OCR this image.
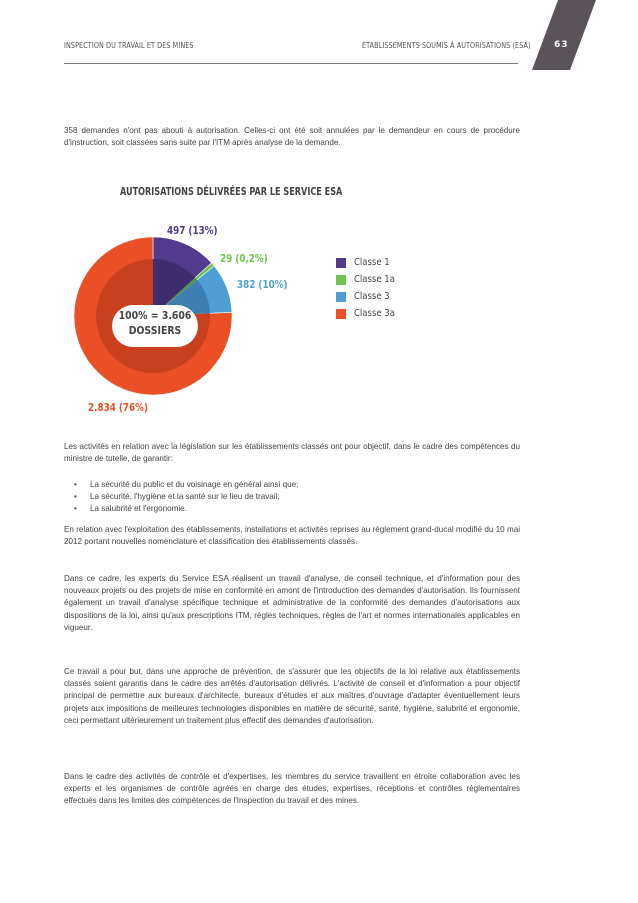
INSPECTION DU TRAVAIL ET DES MINES	ÉTABLISSEMENTS SOUMIS À AUTORISATIONS (ESA)	63

358 demandes n'ont pas abouti à autorisation. Celles-ci ont été soit annulées par le demandeur en cours de procédure d'instruction, soit classées sans suite par l'ITM après analyse de la demande.

AUTORISATIONS DÉLIVRÉES PAR LE SERVICE ESA
100% = 3.606
DOSSIERS
497 (13%)
29 (0,2%)
382 (10%)
2.834 (76%)
Classe 1
Classe 1a
Classe 3
Classe 3a

Les activités en relation avec la législation sur les établissements classés ont pour objectif, dans le cadre des compétences du ministre de tutelle, de garantir:

• La sécurité du public et du voisinage en général ainsi que;
• La sécurité, l'hygiène et la santé sur le lieu de travail;
• La salubrité et l'ergonomie.

En relation avec l'exploitation des établissements, installations et activités reprises au règlement grand-ducal modifié du 10 mai 2012 portant nouvelles nomenclature et classification des établissements classés.

Dans ce cadre, les experts du Service ESA réalisent un travail d'analyse, de conseil technique, et d'information pour des nouveaux projets ou des projets de mise en conformité en amont de l'introduction des demandes d'autorisation. Ils fournissent également un travail d'analyse spécifique technique et administrative de la conformité des demandes d'autorisations aux dispositions de la loi, ainsi qu'aux prescriptions ITM, règles techniques, règles de l'art et normes internationales applicables en vigueur.

Ce travail a pour but, dans une approche de prévention, de s'assurer que les objectifs de la loi relative aux établissements classés soient garantis dans le cadre des arrêtés d'autorisation délivrés. L'activité de conseil et d'information a pour objectif principal de permettre aux bureaux d'architecte, bureaux d'études et aux maîtres d'ouvrage d'adapter éventuellement leurs projets aux impositions de meilleures technologies disponibles en matière de sécurité, santé, hygiène, salubrité et ergonomie, ceci permettant ultérieurement un traitement plus effectif des demandes d'autorisation.

Dans le cadre des activités de contrôle et d'expertises, les membres du service travaillent en étroite collaboration avec les experts et les organismes de contrôle agréés en charge des études, expertises, réceptions et contrôles réglementaires effectués dans les limites des compétences de l'Inspection du travail et des mines.
